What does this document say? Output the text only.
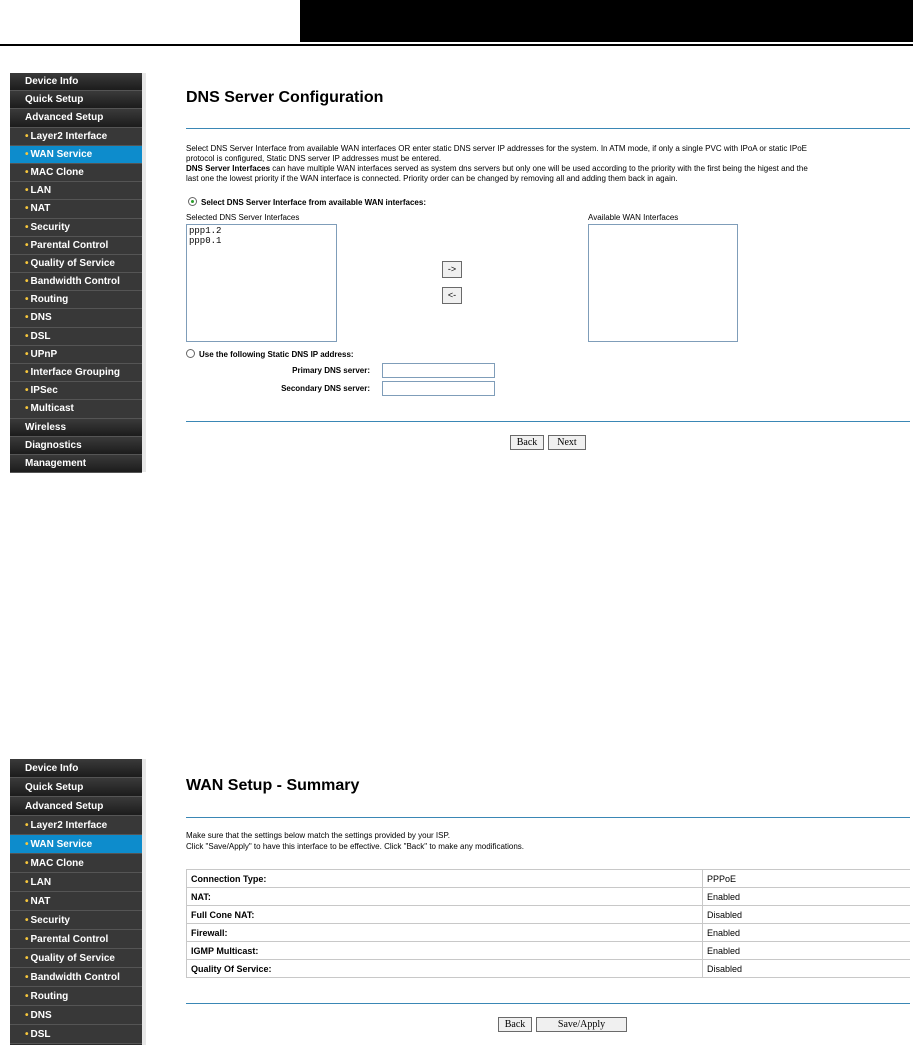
Device Info
Quick Setup
Advanced Setup
• Layer2 Interface
• WAN Service
• MAC Clone
• LAN
• NAT
• Security
• Parental Control
• Quality of Service
• Bandwidth Control
• Routing
• DNS
• DSL
• UPnP
• Interface Grouping
• IPSec
• Multicast
Wireless
Diagnostics
Management
DNS Server Configuration
Select DNS Server Interface from available WAN interfaces OR enter static DNS server IP addresses for the system. In ATM mode, if only a single PVC with IPoA or static IPoE
protocol is configured, Static DNS server IP addresses must be entered.
DNS Server Interfaces can have multiple WAN interfaces served as system dns servers but only one will be used according to the priority with the first being the higest and the
last one the lowest priority if the WAN interface is connected. Priority order can be changed by removing all and adding them back in again.
Select DNS Server Interface from available WAN interfaces:
Selected DNS Server Interfaces
ppp1.2
ppp0.1
->
<-
Available WAN Interfaces
Use the following Static DNS IP address:
Primary DNS server:
Secondary DNS server:
Back	Next
Device Info
Quick Setup
Advanced Setup
• Layer2 Interface
• WAN Service
• MAC Clone
• LAN
• NAT
• Security
• Parental Control
• Quality of Service
• Bandwidth Control
• Routing
• DNS
• DSL
WAN Setup - Summary
Make sure that the settings below match the settings provided by your ISP.
Click "Save/Apply" to have this interface to be effective. Click "Back" to make any modifications.
Connection Type:	PPPoE
NAT:	Enabled
Full Cone NAT:	Disabled
Firewall:	Enabled
IGMP Multicast:	Enabled
Quality Of Service:	Disabled
Back	Save/Apply
